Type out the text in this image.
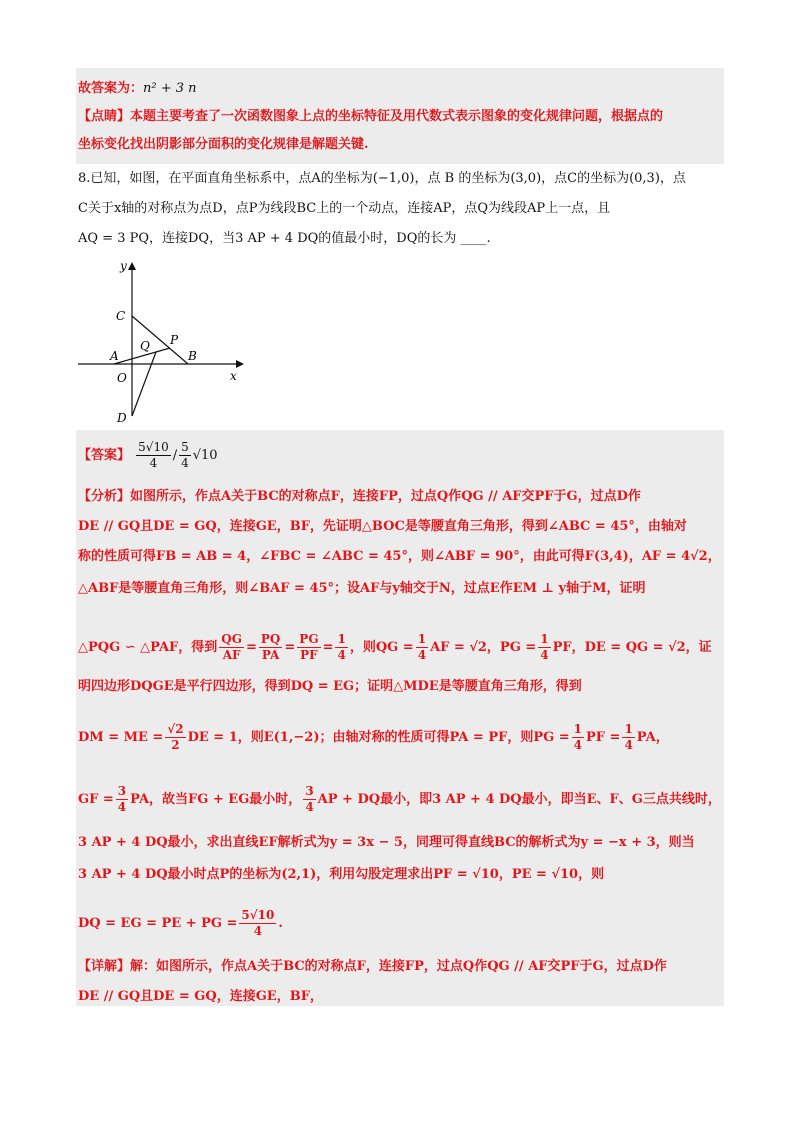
故答案为：n² + 3 n
【点睛】本题主要考查了一次函数图象上点的坐标特征及用代数式表示图象的变化规律问题，根据点的
坐标变化找出阴影部分面积的变化规律是解题关键.
8.已知，如图，在平面直角坐标系中，点A的坐标为(−1,0)，点 B 的坐标为(3,0)，点C的坐标为(0,3)，点
C关于x轴的对称点为点D，点P为线段BC上的一个动点，连接AP，点Q为线段AP上一点，且
AQ = 3 PQ，连接DQ，当3 AP + 4 DQ的值最小时，DQ的长为 ____.
y
x
C
A
Q P
B
O
D
【答案】 $\frac{5√10}{4} / \frac{5}{4} √10$
【分析】如图所示，作点A关于BC的对称点F，连接FP，过点Q作QG // AF交PF于G，过点D作
DE // GQ且DE = GQ，连接GE，BF，先证明△BOC是等腰直角三角形，得到∠ABC = 45°，由轴对
称的性质可得FB = AB = 4，∠FBC = ∠ABC = 45°，则∠ABF = 90°，由此可得F(3,4)，AF = 4√2，
△ABF是等腰直角三角形，则∠BAF = 45°；设AF与y轴交于N，过点E作EM ⊥ y轴于M，证明
△PQG ∽ △PAF，得到 $\frac{QG}{AF} = \frac{PQ}{PA} = \frac{PG}{PF} = \frac{1}{4}$ ，则QG = $\frac{1}{4}$ AF = √2，PG = $\frac{1}{4}$ PF，DE = QG = √2，证
明四边形DQGE是平行四边形，得到DQ = EG；证明△MDE是等腰直角三角形，得到
DM = ME = $\frac{√2}{2}$ DE = 1，则E(1,−2)；由轴对称的性质可得PA = PF，则PG = $\frac{1}{4}$ PF = $\frac{1}{4}$ PA，
GF = $\frac{3}{4}$ PA，故当FG + EG最小时， $\frac{3}{4}$ AP + DQ最小，即3 AP + 4 DQ最小，即当E、F、G三点共线时，
3 AP + 4 DQ最小，求出直线EF解析式为y = 3x − 5，同理可得直线BC的解析式为y = −x + 3，则当
3 AP + 4 DQ最小时点P的坐标为(2,1)，利用勾股定理求出PF = √10，PE = √10，则
DQ = EG = PE + PG = $\frac{5√10}{4}$ .
【详解】解：如图所示，作点A关于BC的对称点F，连接FP，过点Q作QG // AF交PF于G，过点D作
DE // GQ且DE = GQ，连接GE，BF，
